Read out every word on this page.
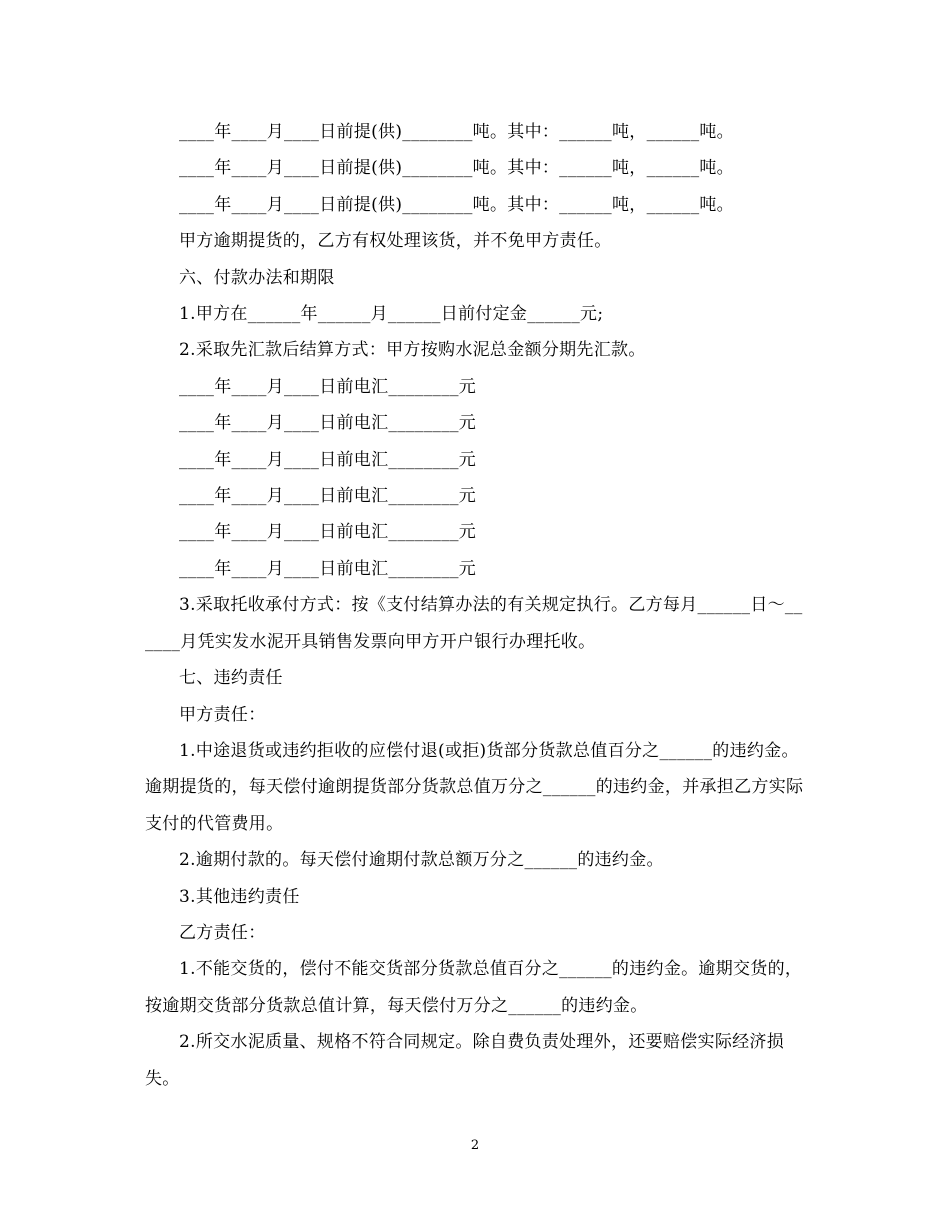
____年____月____日前提(供)________吨。其中：______吨，______吨。

____年____月____日前提(供)________吨。其中：______吨，______吨。

____年____月____日前提(供)________吨。其中：______吨，______吨。

甲方逾期提货的，乙方有权处理该货，并不免甲方责任。

六、付款办法和期限

1.甲方在______年______月______日前付定金______元;

2.采取先汇款后结算方式：甲方按购水泥总金额分期先汇款。

____年____月____日前电汇________元

____年____月____日前电汇________元

____年____月____日前电汇________元

____年____月____日前电汇________元

____年____月____日前电汇________元

____年____月____日前电汇________元

3.采取托收承付方式：按《支付结算办法的有关规定执行。乙方每月______日～______月凭实发水泥开具销售发票向甲方开户银行办理托收。

七、违约责任

甲方责任：

1.中途退货或违约拒收的应偿付退(或拒)货部分货款总值百分之______的违约金。逾期提货的，每天偿付逾朗提货部分货款总值万分之______的违约金，并承担乙方实际支付的代管费用。

2.逾期付款的。每天偿付逾期付款总额万分之______的违约金。

3.其他违约责任

乙方责任：

1.不能交货的，偿付不能交货部分货款总值百分之______的违约金。逾期交货的，按逾期交货部分货款总值计算，每天偿付万分之______的违约金。

2.所交水泥质量、规格不符合同规定。除自费负责处理外，还要赔偿实际经济损失。

2
